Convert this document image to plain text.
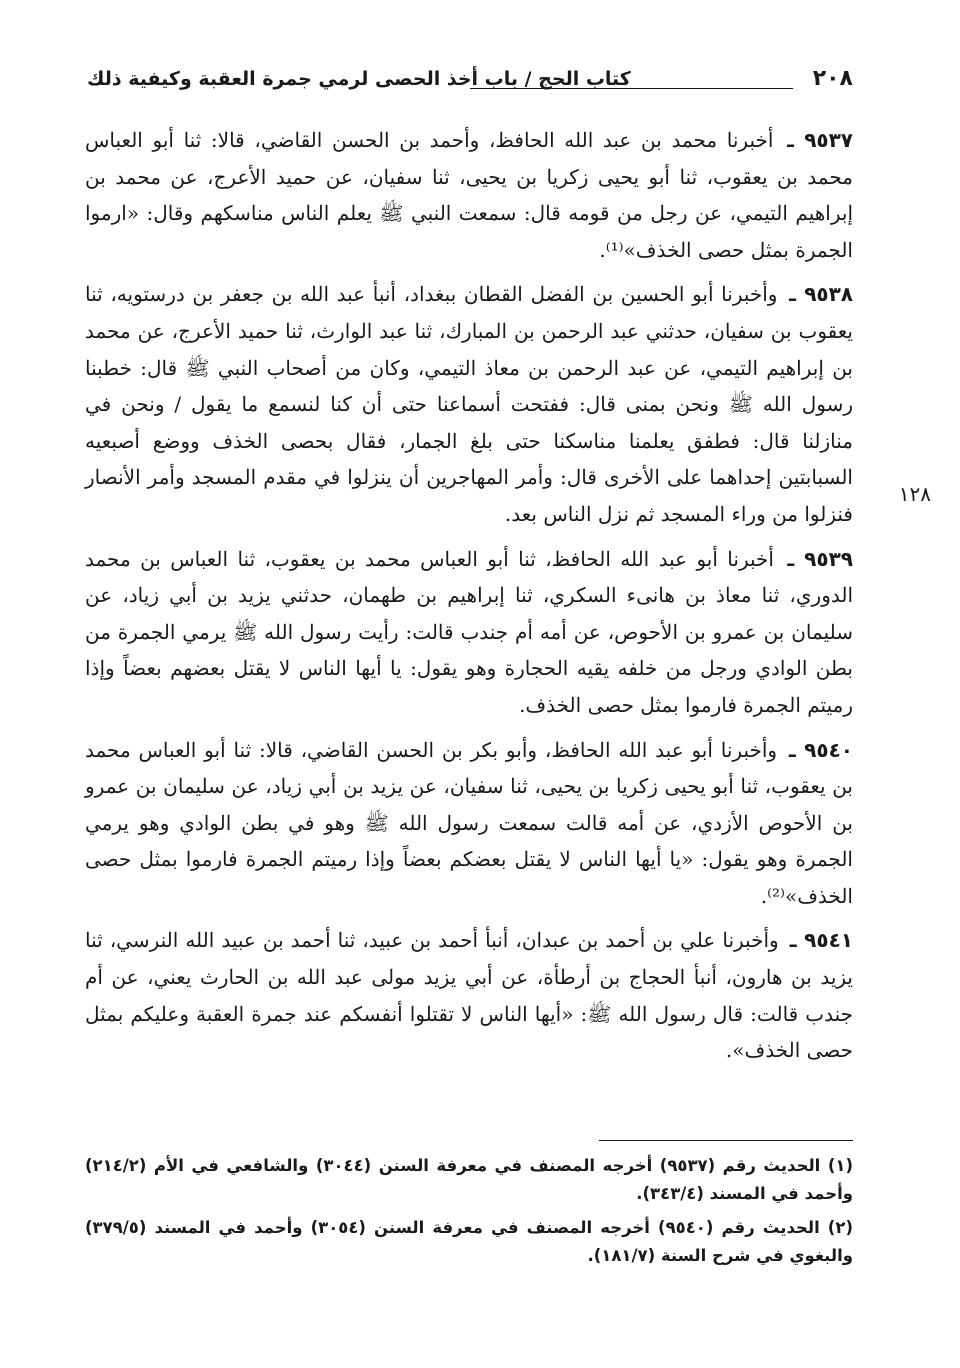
٢٠٨
كتاب الحج / باب أخذ الحصى لرمي جمرة العقبة وكيفية ذلك
١٢٨

٩٥٣٧ ـ أخبرنا محمد بن عبد الله الحافظ، وأحمد بن الحسن القاضي، قالا: ثنا أبو العباس محمد بن يعقوب، ثنا أبو يحيى زكريا بن يحيى، ثنا سفيان، عن حميد الأعرج، عن محمد بن إبراهيم التيمي، عن رجل من قومه قال: سمعت النبي ﷺ يعلم الناس مناسكهم وقال: «ارموا الجمرة بمثل حصى الخذف»⁽¹⁾.

٩٥٣٨ ـ وأخبرنا أبو الحسين بن الفضل القطان ببغداد، أنبأ عبد الله بن جعفر بن درستويه، ثنا يعقوب بن سفيان، حدثني عبد الرحمن بن المبارك، ثنا عبد الوارث، ثنا حميد الأعرج، عن محمد بن إبراهيم التيمي، عن عبد الرحمن بن معاذ التيمي، وكان من أصحاب النبي ﷺ قال: خطبنا رسول الله ﷺ ونحن بمنى قال: ففتحت أسماعنا حتى أن كنا لنسمع ما يقول / ونحن في منازلنا قال: فطفق يعلمنا مناسكنا حتى بلغ الجمار، فقال بحصى الخذف ووضع أصبعيه السبابتين إحداهما على الأخرى قال: وأمر المهاجرين أن ينزلوا في مقدم المسجد وأمر الأنصار فنزلوا من وراء المسجد ثم نزل الناس بعد.

٩٥٣٩ ـ أخبرنا أبو عبد الله الحافظ، ثنا أبو العباس محمد بن يعقوب، ثنا العباس بن محمد الدوري، ثنا معاذ بن هانىء السكري، ثنا إبراهيم بن طهمان، حدثني يزيد بن أبي زياد، عن سليمان بن عمرو بن الأحوص، عن أمه أم جندب قالت: رأيت رسول الله ﷺ يرمي الجمرة من بطن الوادي ورجل من خلفه يقيه الحجارة وهو يقول: يا أيها الناس لا يقتل بعضهم بعضاً وإذا رميتم الجمرة فارموا بمثل حصى الخذف.

٩٥٤٠ ـ وأخبرنا أبو عبد الله الحافظ، وأبو بكر بن الحسن القاضي، قالا: ثنا أبو العباس محمد بن يعقوب، ثنا أبو يحيى زكريا بن يحيى، ثنا سفيان، عن يزيد بن أبي زياد، عن سليمان بن عمرو بن الأحوص الأزدي، عن أمه قالت سمعت رسول الله ﷺ وهو في بطن الوادي وهو يرمي الجمرة وهو يقول: «يا أيها الناس لا يقتل بعضكم بعضاً وإذا رميتم الجمرة فارموا بمثل حصى الخذف»⁽²⁾.

٩٥٤١ ـ وأخبرنا علي بن أحمد بن عبدان، أنبأ أحمد بن عبيد، ثنا أحمد بن عبيد الله النرسي، ثنا يزيد بن هارون، أنبأ الحجاج بن أرطأة، عن أبي يزيد مولى عبد الله بن الحارث يعني، عن أم جندب قالت: قال رسول الله ﷺ: «أيها الناس لا تقتلوا أنفسكم عند جمرة العقبة وعليكم بمثل حصى الخذف».

(١) الحديث رقم (٩٥٣٧) أخرجه المصنف في معرفة السنن (٣٠٤٤) والشافعي في الأم (٢١٤/٢) وأحمد في المسند (٣٤٣/٤).

(٢) الحديث رقم (٩٥٤٠) أخرجه المصنف في معرفة السنن (٣٠٥٤) وأحمد في المسند (٣٧٩/٥) والبغوي في شرح السنة (١٨١/٧).
